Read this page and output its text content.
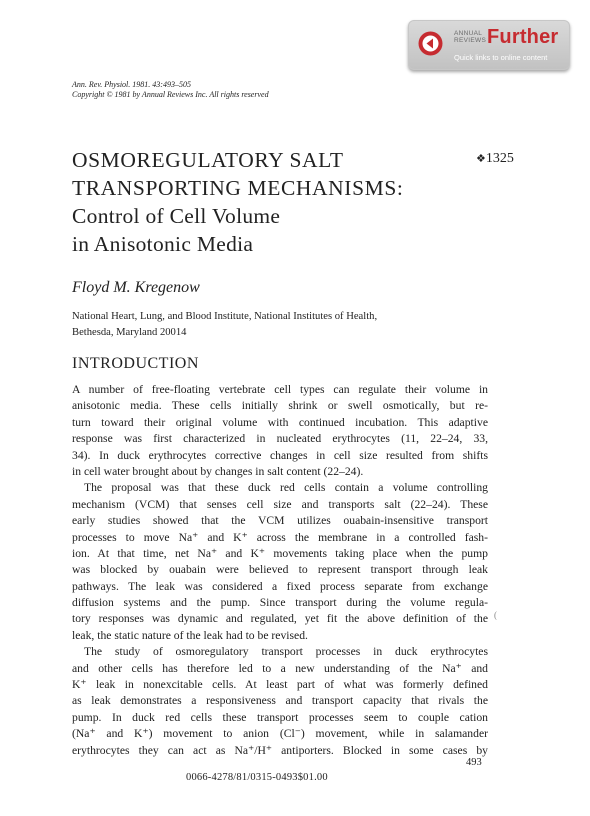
ANNUAL
REVIEWS Further
Quick links to online content
Ann. Rev. Physiol. 1981. 43:493–505
Copyright © 1981 by Annual Reviews Inc. All rights reserved
OSMOREGULATORY SALT
TRANSPORTING MECHANISMS:
Control of Cell Volume
in Anisotonic Media
❖1325
Floyd M. Kregenow
National Heart, Lung, and Blood Institute, National Institutes of Health,
Bethesda, Maryland 20014
INTRODUCTION
A number of free-floating vertebrate cell types can regulate their volume in
anisotonic media. These cells initially shrink or swell osmotically, but re-
turn toward their original volume with continued incubation. This adaptive
response was first characterized in nucleated erythrocytes (11, 22–24, 33,
34). In duck erythrocytes corrective changes in cell size resulted from shifts
in cell water brought about by changes in salt content (22–24).
The proposal was that these duck red cells contain a volume controlling
mechanism (VCM) that senses cell size and transports salt (22–24). These
early studies showed that the VCM utilizes ouabain-insensitive transport
processes to move Na⁺ and K⁺ across the membrane in a controlled fash-
ion. At that time, net Na⁺ and K⁺ movements taking place when the pump
was blocked by ouabain were believed to represent transport through leak
pathways. The leak was considered a fixed process separate from exchange
diffusion systems and the pump. Since transport during the volume regula-
tory responses was dynamic and regulated, yet fit the above definition of the
leak, the static nature of the leak had to be revised.
The study of osmoregulatory transport processes in duck erythrocytes
and other cells has therefore led to a new understanding of the Na⁺ and
K⁺ leak in nonexcitable cells. At least part of what was formerly defined
as leak demonstrates a responsiveness and transport capacity that rivals the
pump. In duck red cells these transport processes seem to couple cation
(Na⁺ and K⁺) movement to anion (Cl⁻) movement, while in salamander
erythrocytes they can act as Na⁺/H⁺ antiporters. Blocked in some cases by
493
0066-4278/81/0315-0493$01.00
(
